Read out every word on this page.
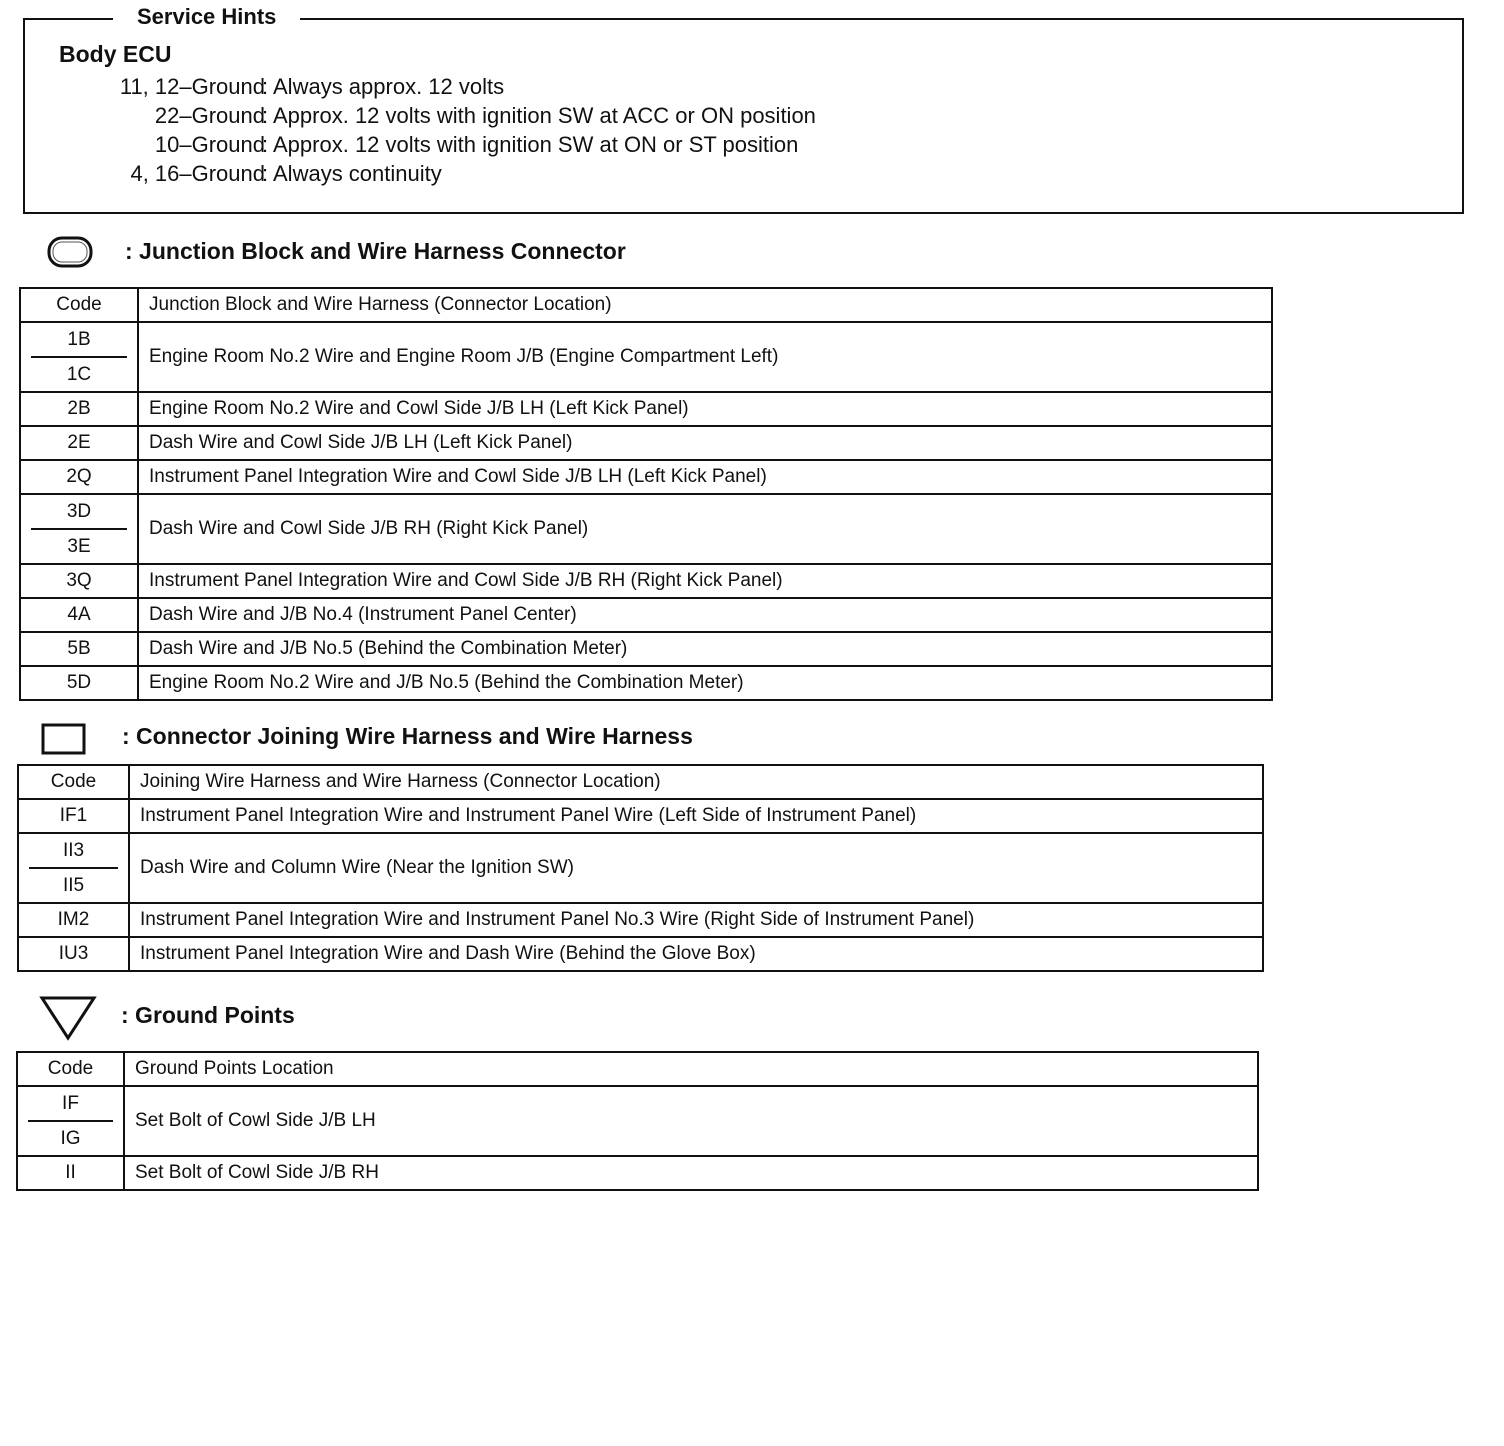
Service Hints
Body ECU
11, 12–Ground
: Always approx. 12 volts
22–Ground
: Approx. 12 volts with ignition SW at ACC or ON position
10–Ground
: Approx. 12 volts with ignition SW at ON or ST position
4, 16–Ground
: Always continuity
: Junction Block and Wire Harness Connector
Code	Junction Block and Wire Harness (Connector Location)

1B
1C	Engine Room No.2 Wire and Engine Room J/B (Engine Compartment Left)
2B	Engine Room No.2 Wire and Cowl Side J/B LH (Left Kick Panel)
2E	Dash Wire and Cowl Side J/B LH (Left Kick Panel)
2Q	Instrument Panel Integration Wire and Cowl Side J/B LH (Left Kick Panel)

3D
3E	Dash Wire and Cowl Side J/B RH (Right Kick Panel)
3Q	Instrument Panel Integration Wire and Cowl Side J/B RH (Right Kick Panel)
4A	Dash Wire and J/B No.4 (Instrument Panel Center)
5B	Dash Wire and J/B No.5 (Behind the Combination Meter)
5D	Engine Room No.2 Wire and J/B No.5 (Behind the Combination Meter)
: Connector Joining Wire Harness and Wire Harness
Code	Joining Wire Harness and Wire Harness (Connector Location)
IF1	Instrument Panel Integration Wire and Instrument Panel Wire (Left Side of Instrument Panel)

II3
II5	Dash Wire and Column Wire (Near the Ignition SW)
IM2	Instrument Panel Integration Wire and Instrument Panel No.3 Wire (Right Side of Instrument Panel)
IU3	Instrument Panel Integration Wire and Dash Wire (Behind the Glove Box)
: Ground Points
Code	Ground Points Location

IF
IG	Set Bolt of Cowl Side J/B LH
II	Set Bolt of Cowl Side J/B RH
